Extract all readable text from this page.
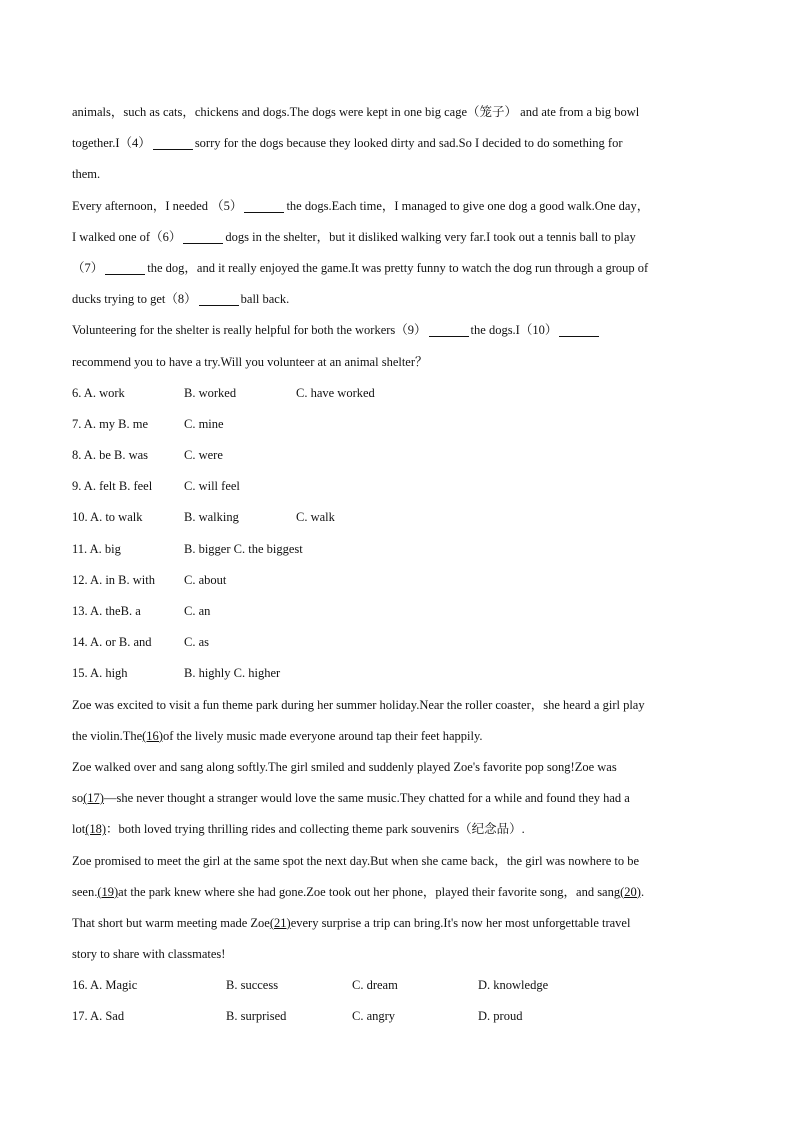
animals，such as cats，chickens and dogs.The dogs were kept in one big cage（笼子） and ate from a big bowl
together.I（4）	sorry for the dogs because they looked dirty and sad.So I decided to do something for
them.
Every afternoon，I needed （5）	the dogs.Each time，I managed to give one dog a good walk.One day，
I walked one of（6）	dogs in the shelter，but it disliked walking very far.I took out a tennis ball to play
（7）	the dog，and it really enjoyed the game.It was pretty funny to watch the dog run through a group of
ducks trying to get（8）	ball back.
Volunteering for the shelter is really helpful for both the workers（9）	the dogs.I（10）
recommend you to have a try.Will you volunteer at an animal shelter？
6. A. work	B. worked	C. have worked
7. A. my B. me	C. mine
8. A. be B. was	C. were
9. A. felt B. feel	C. will feel
10. A. to walk	B. walking	C. walk
11. A. big	B. bigger C. the biggest
12. A. in B. with C. about
13. A. theB. a	C. an
14. A. or B. and	C. as
15. A. high	B. highly C. higher
Zoe was excited to visit a fun theme park during her summer holiday.Near the roller coaster，she heard a girl play
the violin.The(16)of the lively music made everyone around tap their feet happily.
Zoe walked over and sang along softly.The girl smiled and suddenly played Zoe's favorite pop song!Zoe was
so(17)—she never thought a stranger would love the same music.They chatted for a while and found they had a
lot(18)：both loved trying thrilling rides and collecting theme park souvenirs（纪念品）.
Zoe promised to meet the girl at the same spot the next day.But when she came back，the girl was nowhere to be
seen.(19)at the park knew where she had gone.Zoe took out her phone，played their favorite song，and sang(20).
That short but warm meeting made Zoe(21)every surprise a trip can bring.It's now her most unforgettable travel
story to share with classmates!
16. A. Magic	B. success	C. dream	D. knowledge
17. A. Sad	B. surprised	C. angry	D. proud
